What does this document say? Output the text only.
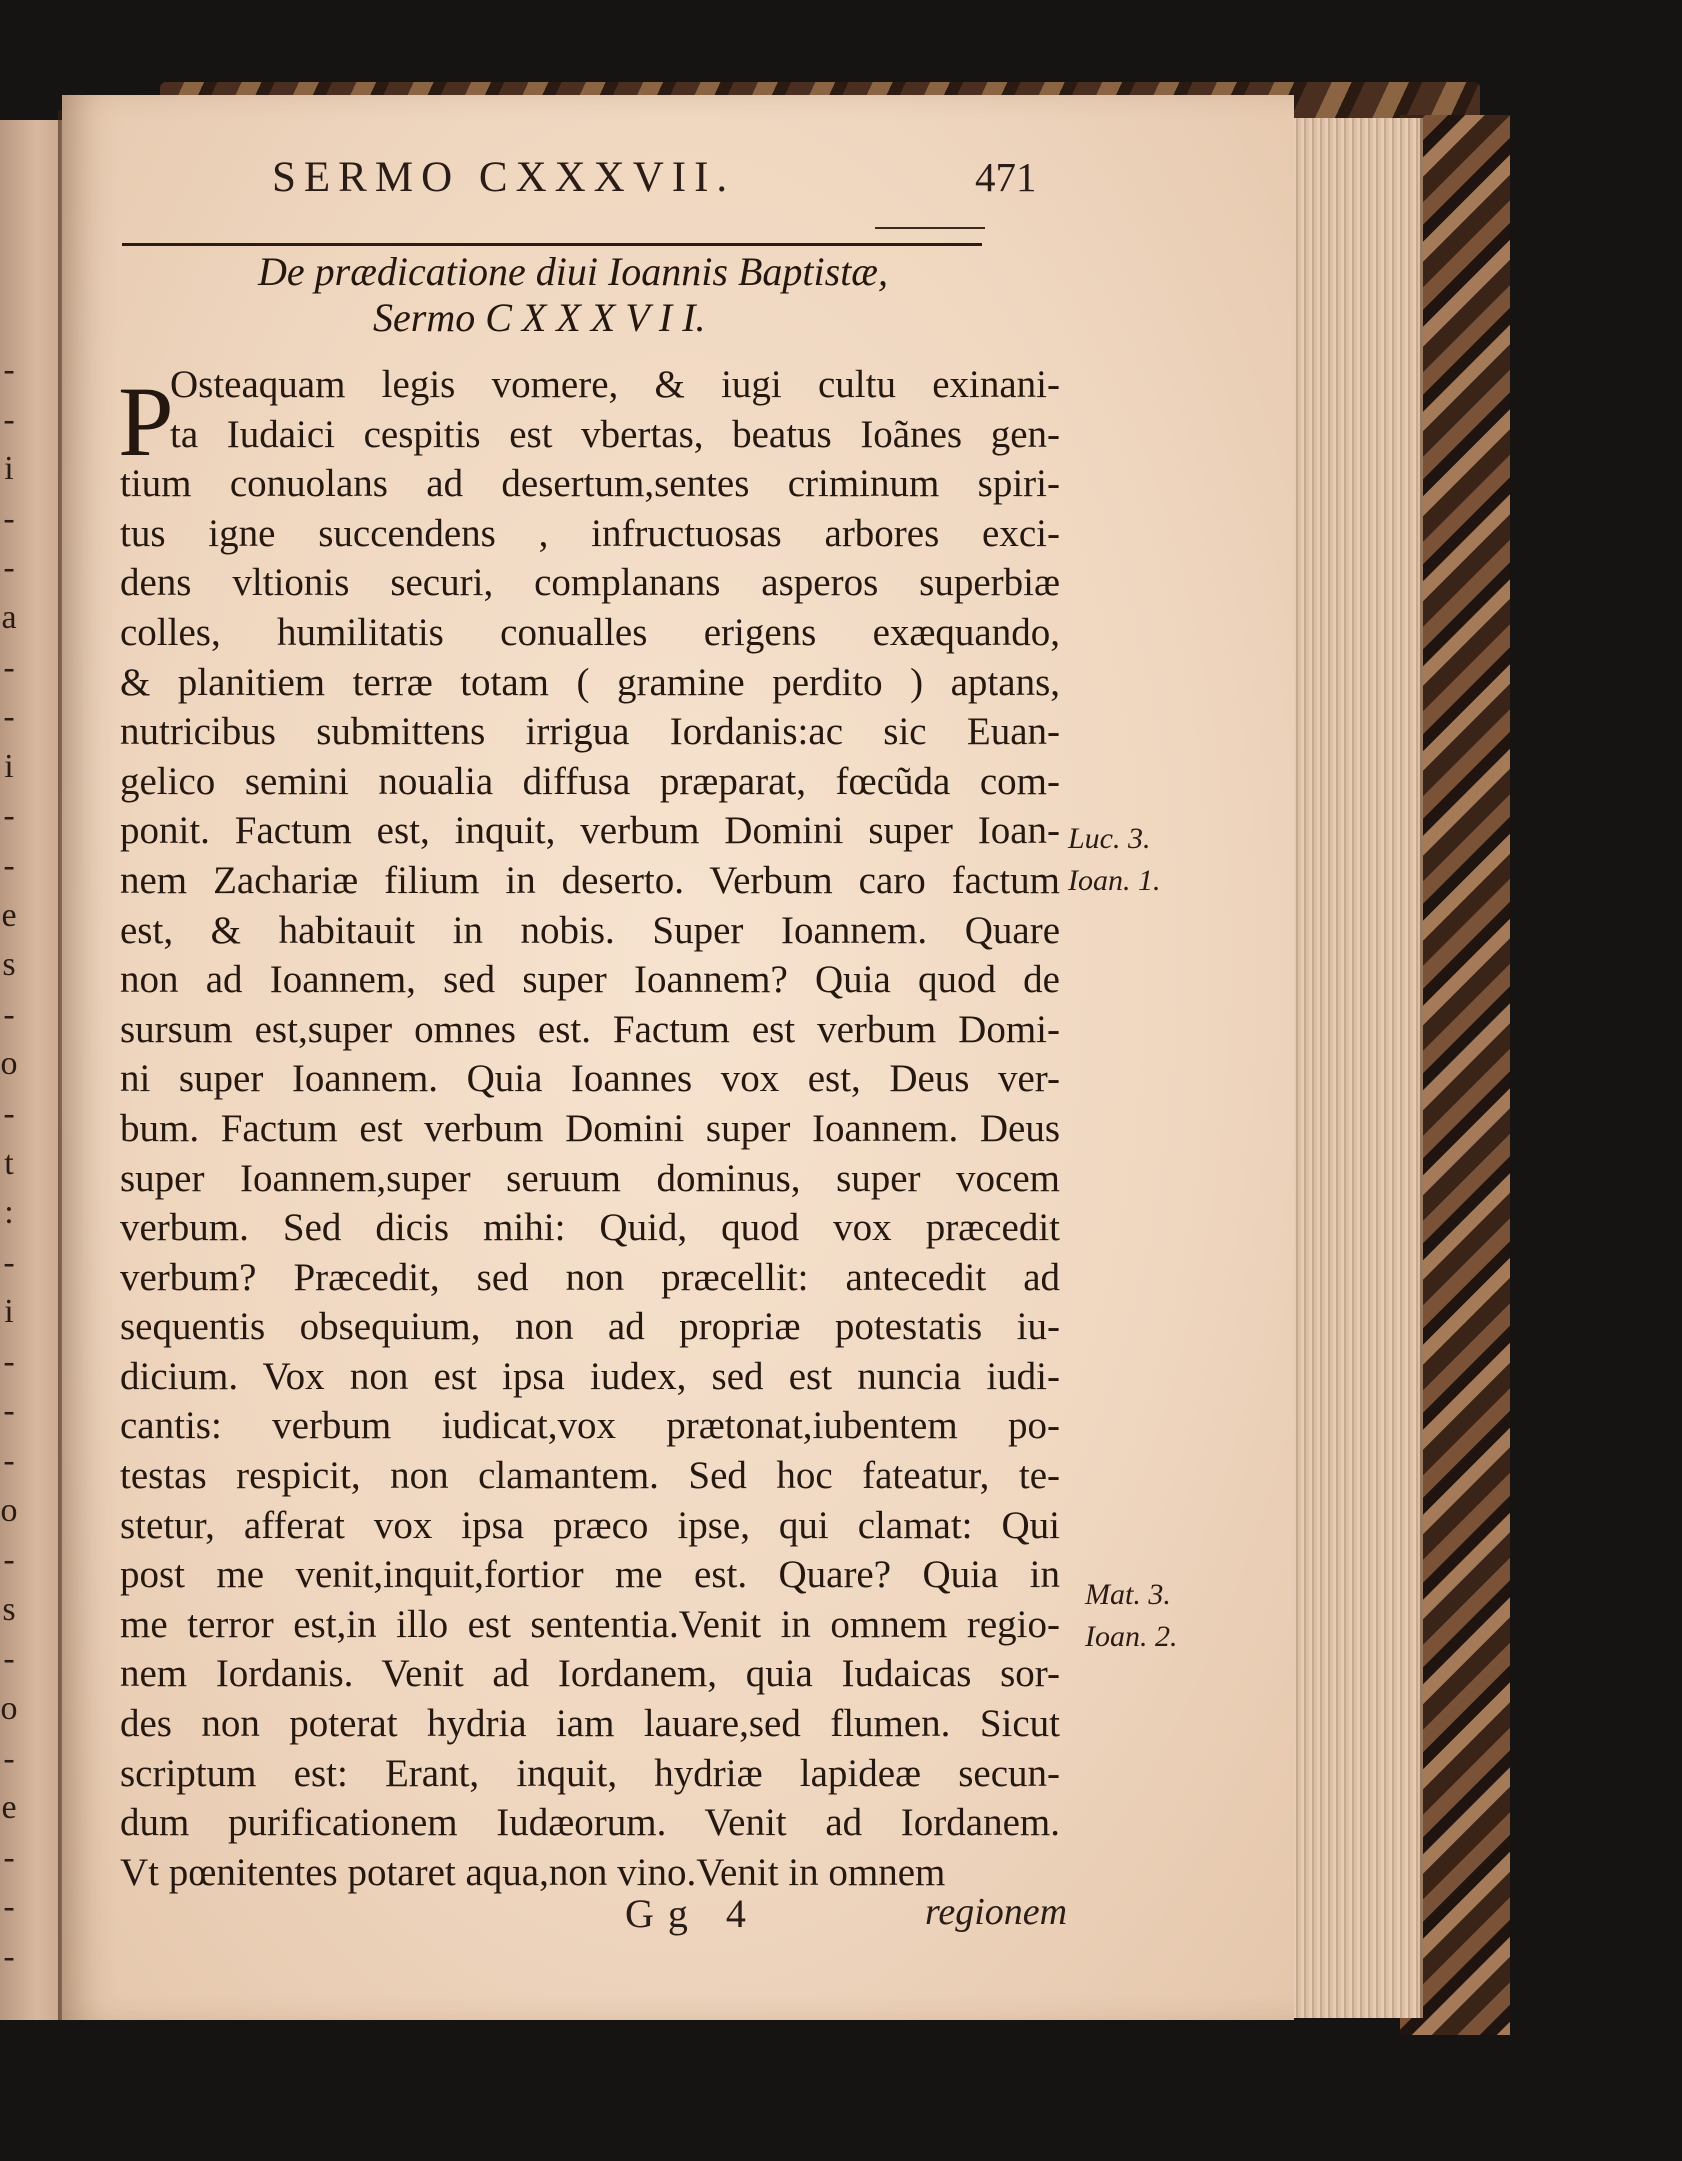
-
-
i
-
-
a
-
-
i
-
-
e
s
-
o
-
t
:
-
i
-
-
-
o
-
s
-
o
-
e
-
-
-
SERMO CXXXVII.	471
De prædicatione diui Ioannis Baptistæ,
Sermo C X X X V I I.
P
Osteaquam legis vomere, & iugi cultu exinani-
ta Iudaici cespitis est vbertas, beatus Ioãnes gen-
tium conuolans ad desertum,sentes criminum spiri-
tus igne succendens , infructuosas arbores exci-
dens vltionis securi, complanans asperos superbiæ
colles, humilitatis conualles erigens exæquando,
& planitiem terræ totam ( gramine perdito ) aptans,
nutricibus submittens irrigua Iordanis:ac sic Euan-
gelico semini noualia diffusa præparat, fœcũda com-
ponit. Factum est, inquit, verbum Domini super Ioan-
nem Zachariæ filium in deserto. Verbum caro factum
est, & habitauit in nobis. Super Ioannem. Quare
non ad Ioannem, sed super Ioannem? Quia quod de
sursum est,super omnes est. Factum est verbum Domi-
ni super Ioannem. Quia Ioannes vox est, Deus ver-
bum. Factum est verbum Domini super Ioannem. Deus
super Ioannem,super seruum dominus, super vocem
verbum. Sed dicis mihi: Quid, quod vox præcedit
verbum? Præcedit, sed non præcellit: antecedit ad
sequentis obsequium, non ad propriæ potestatis iu-
dicium. Vox non est ipsa iudex, sed est nuncia iudi-
cantis: verbum iudicat,vox prætonat,iubentem po-
testas respicit, non clamantem. Sed hoc fateatur, te-
stetur, afferat vox ipsa præco ipse, qui clamat: Qui
post me venit,inquit,fortior me est. Quare? Quia in
me terror est,in illo est sententia.Venit in omnem regio-
nem Iordanis. Venit ad Iordanem, quia Iudaicas sor-
des non poterat hydria iam lauare,sed flumen. Sicut
scriptum est: Erant, inquit, hydriæ lapideæ secun-
dum purificationem Iudæorum. Venit ad Iordanem.
Vt pœnitentes potaret aqua,non vino.Venit in omnem
Luc. 3.
Ioan. 1.
Mat. 3.
Ioan. 2.
Gg 4	regionem
